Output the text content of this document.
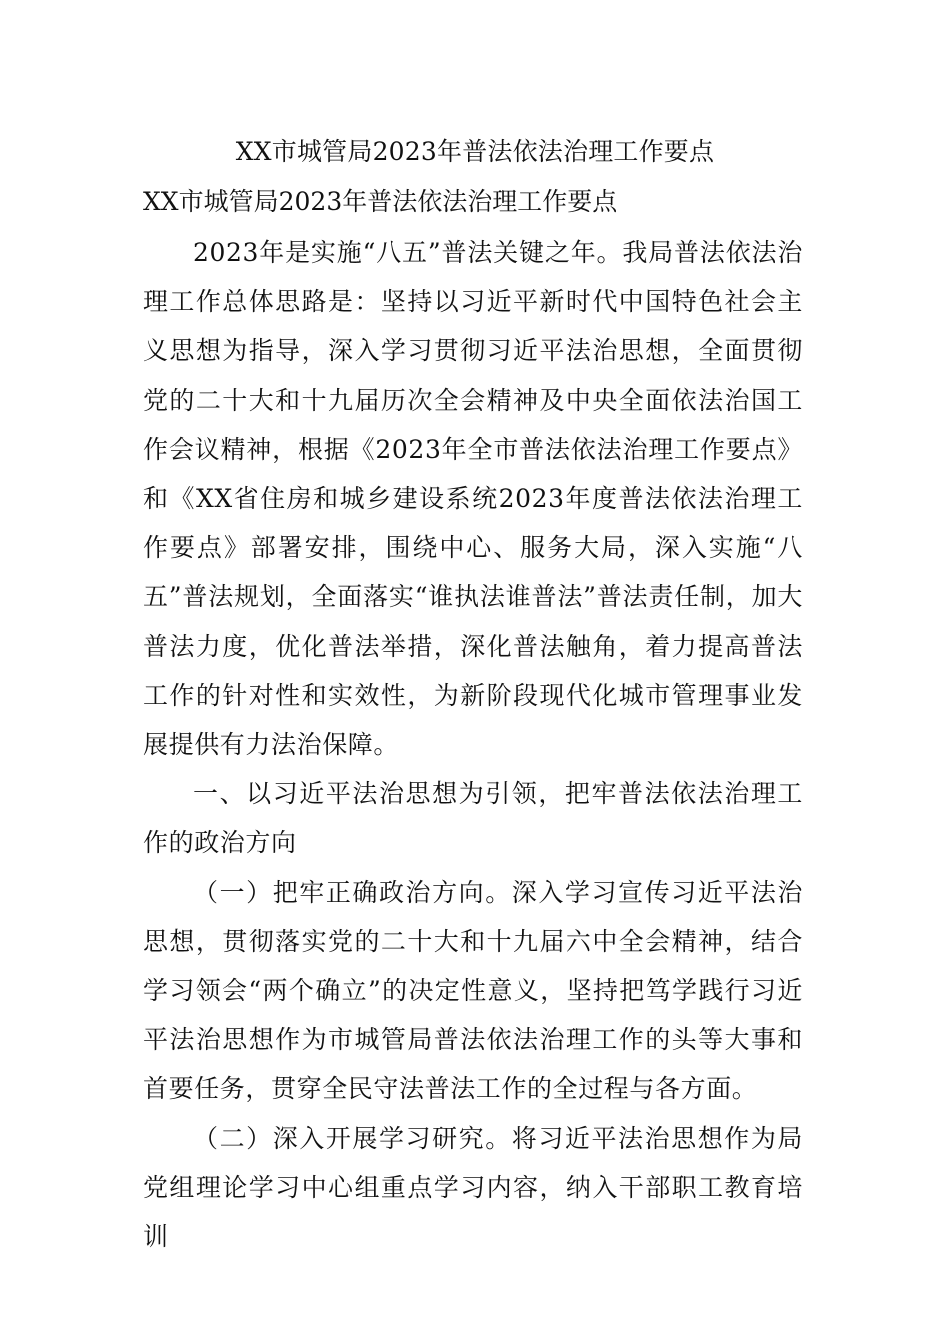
XX市城管局2023年普法依法治理工作要点

XX市城管局2023年普法依法治理工作要点

2023年是实施“八五”普法关键之年。我局普法依法治理工作总体思路是：坚持以习近平新时代中国特色社会主义思想为指导，深入学习贯彻习近平法治思想，全面贯彻党的二十大和十九届历次全会精神及中央全面依法治国工作会议精神，根据《2023年全市普法依法治理工作要点》和《XX省住房和城乡建设系统2023年度普法依法治理工作要点》部署安排，围绕中心、服务大局，深入实施“八五”普法规划，全面落实“谁执法谁普法”普法责任制，加大普法力度，优化普法举措，深化普法触角，着力提高普法工作的针对性和实效性，为新阶段现代化城市管理事业发展提供有力法治保障。

一、以习近平法治思想为引领，把牢普法依法治理工作的政治方向

（一）把牢正确政治方向。深入学习宣传习近平法治思想，贯彻落实党的二十大和十九届六中全会精神，结合学习领会“两个确立”的决定性意义，坚持把笃学践行习近平法治思想作为市城管局普法依法治理工作的头等大事和首要任务，贯穿全民守法普法工作的全过程与各方面。

（二）深入开展学习研究。将习近平法治思想作为局党组理论学习中心组重点学习内容，纳入干部职工教育培训
